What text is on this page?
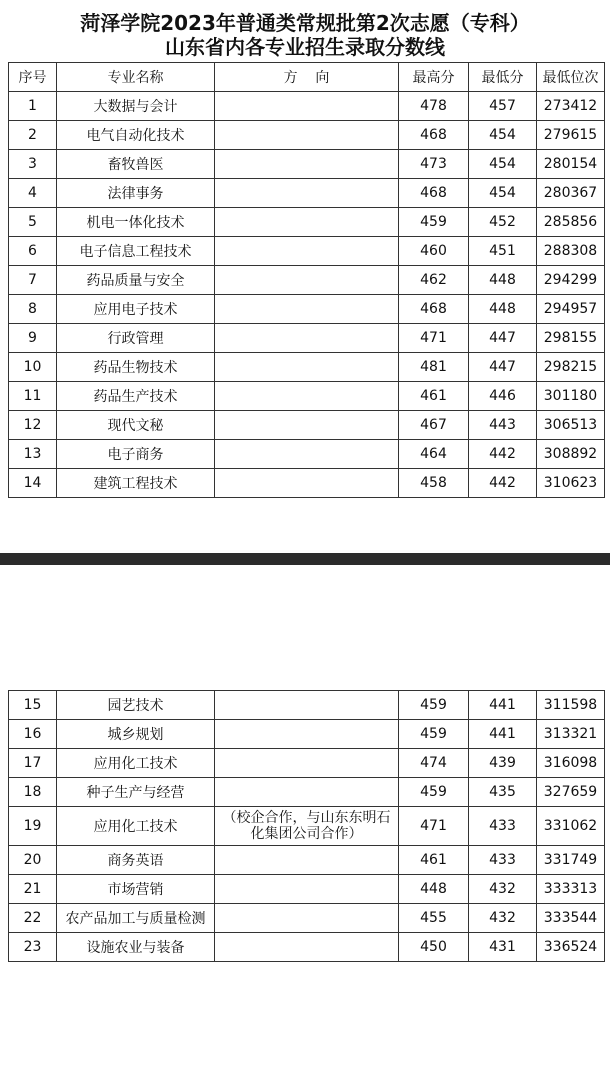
菏泽学院2023年普通类常规批第2次志愿（专科）
山东省内各专业招生录取分数线
序号	专业名称	方    向	最高分	最低分	最低位次
1	大数据与会计		478	457	273412
2	电气自动化技术		468	454	279615
3	畜牧兽医		473	454	280154
4	法律事务		468	454	280367
5	机电一体化技术		459	452	285856
6	电子信息工程技术		460	451	288308
7	药品质量与安全		462	448	294299
8	应用电子技术		468	448	294957
9	行政管理		471	447	298155
10	药品生物技术		481	447	298215
11	药品生产技术		461	446	301180
12	现代文秘		467	443	306513
13	电子商务		464	442	308892
14	建筑工程技术		458	442	310623
15	园艺技术		459	441	311598
16	城乡规划		459	441	313321
17	应用化工技术		474	439	316098
18	种子生产与经营		459	435	327659
19	应用化工技术	（校企合作，与山东东明石化集团公司合作）	471	433	331062
20	商务英语		461	433	331749
21	市场营销		448	432	333313
22	农产品加工与质量检测		455	432	333544
23	设施农业与装备		450	431	336524
